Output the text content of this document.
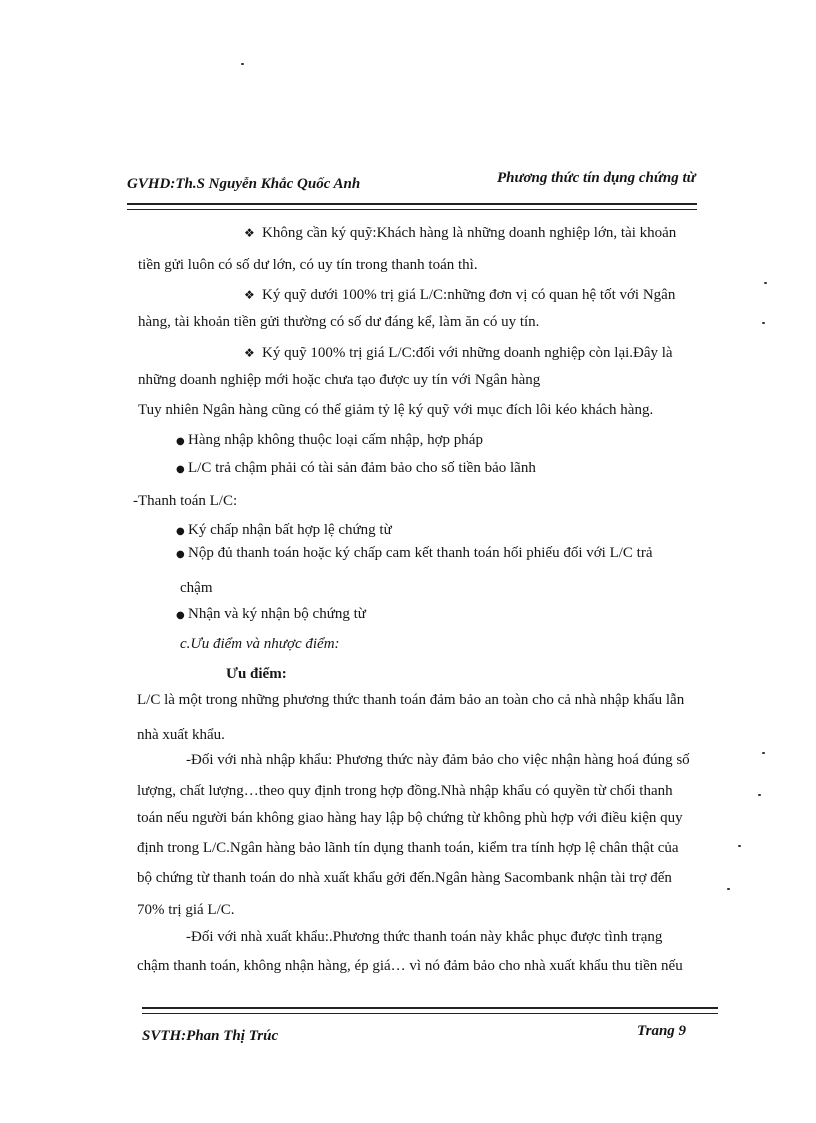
GVHD:Th.S Nguyễn Khắc Quốc Anh	Phương thức tín dụng chứng từ
❖ Không cần ký quỹ:Khách hàng là những doanh nghiệp lớn, tài khoản
tiền gửi luôn có số dư lớn, có uy tín trong thanh toán thì.
❖ Ký quỹ dưới 100% trị giá L/C:những đơn vị có quan hệ tốt với Ngân
hàng, tài khoản tiền gửi thường có số dư đáng kể, làm ăn có uy tín.
❖ Ký quỹ 100% trị giá L/C:đối với những doanh nghiệp còn lại.Đây là
những doanh nghiệp mới hoặc chưa tạo được uy tín với Ngân hàng
Tuy nhiên Ngân hàng cũng có thể giảm tỷ lệ ký quỹ với mục đích lôi kéo khách hàng.
● Hàng nhập không thuộc loại cấm nhập, hợp pháp
● L/C trả chậm phải có tài sản đảm bảo cho số tiền bảo lãnh
-Thanh toán L/C:
● Ký chấp nhận bất hợp lệ chứng từ
● Nộp đủ thanh toán hoặc ký chấp cam kết thanh toán hối phiếu đối với L/C trả
chậm
● Nhận và ký nhận bộ chứng từ
c.Ưu điểm và nhược điểm:
Ưu điểm:
L/C là một trong những phương thức thanh toán đảm bảo an toàn cho cả nhà nhập khẩu lẫn
nhà xuất khẩu.
-Đối với nhà nhập khẩu: Phương thức này đảm bảo cho việc nhận hàng hoá đúng số
lượng, chất lượng…theo quy định trong hợp đồng.Nhà nhập khẩu có quyền từ chối thanh
toán nếu người bán không giao hàng hay lập bộ chứng từ không phù hợp với điều kiện quy
định trong L/C.Ngân hàng bảo lãnh tín dụng thanh toán, kiểm tra tính hợp lệ chân thật của
bộ chứng từ thanh toán do nhà xuất khẩu gởi đến.Ngân hàng Sacombank nhận tài trợ đến
70% trị giá L/C.
-Đối với nhà xuất khẩu:.Phương thức thanh toán này khắc phục được tình trạng
chậm thanh toán, không nhận hàng, ép giá… vì nó đảm bảo cho nhà xuất khẩu thu tiền nếu
SVTH:Phan Thị Trúc	Trang 9
